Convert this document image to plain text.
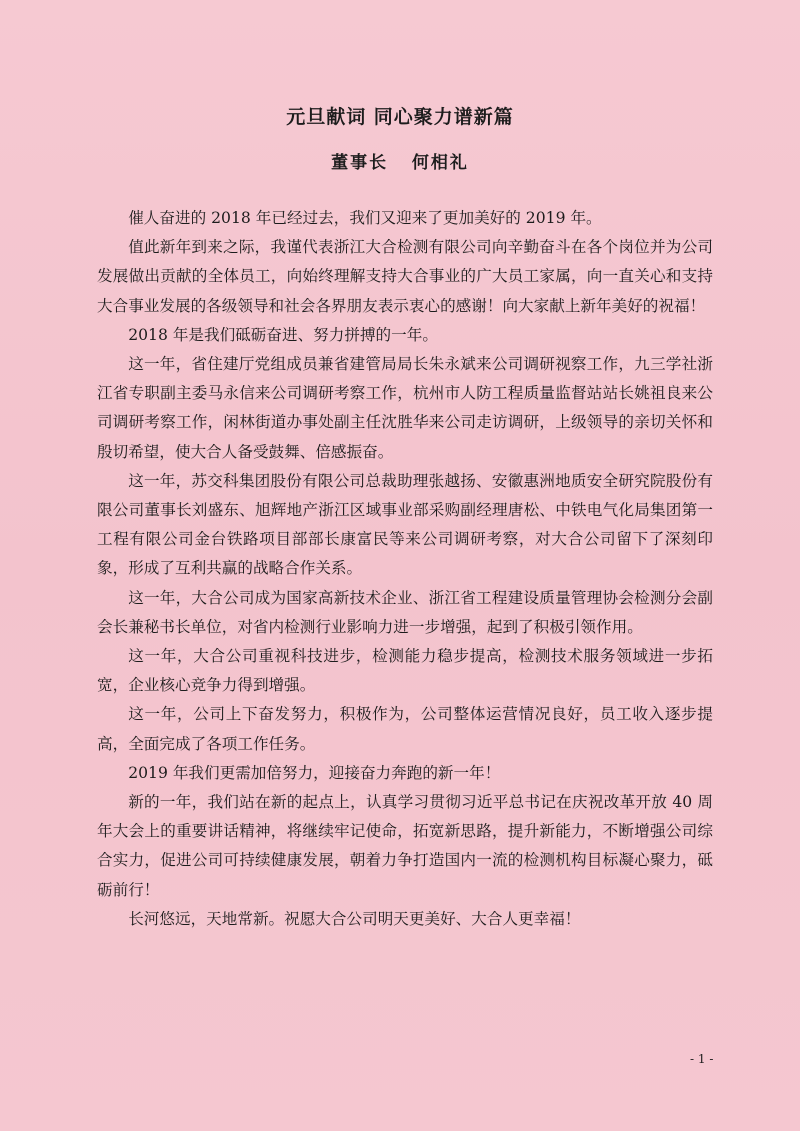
元旦献词 同心聚力谱新篇
董事长   何相礼

催人奋进的 2018 年已经过去，我们又迎来了更加美好的 2019 年。

值此新年到来之际，我谨代表浙江大合检测有限公司向辛勤奋斗在各个岗位并为公司发展做出贡献的全体员工，向始终理解支持大合事业的广大员工家属，向一直关心和支持大合事业发展的各级领导和社会各界朋友表示衷心的感谢！向大家献上新年美好的祝福！

2018 年是我们砥砺奋进、努力拼搏的一年。

这一年，省住建厅党组成员兼省建管局局长朱永斌来公司调研视察工作，九三学社浙江省专职副主委马永信来公司调研考察工作，杭州市人防工程质量监督站站长姚祖良来公司调研考察工作，闲林街道办事处副主任沈胜华来公司走访调研，上级领导的亲切关怀和殷切希望，使大合人备受鼓舞、倍感振奋。

这一年，苏交科集团股份有限公司总裁助理张越扬、安徽惠洲地质安全研究院股份有限公司董事长刘盛东、旭辉地产浙江区域事业部采购副经理唐松、中铁电气化局集团第一工程有限公司金台铁路项目部部长康富民等来公司调研考察，对大合公司留下了深刻印象，形成了互利共赢的战略合作关系。

这一年，大合公司成为国家高新技术企业、浙江省工程建设质量管理协会检测分会副会长兼秘书长单位，对省内检测行业影响力进一步增强，起到了积极引领作用。

这一年，大合公司重视科技进步，检测能力稳步提高，检测技术服务领域进一步拓宽，企业核心竞争力得到增强。

这一年，公司上下奋发努力，积极作为，公司整体运营情况良好，员工收入逐步提高，全面完成了各项工作任务。

2019 年我们更需加倍努力，迎接奋力奔跑的新一年！

新的一年，我们站在新的起点上，认真学习贯彻习近平总书记在庆祝改革开放 40 周年大会上的重要讲话精神，将继续牢记使命，拓宽新思路，提升新能力，不断增强公司综合实力，促进公司可持续健康发展，朝着力争打造国内一流的检测机构目标凝心聚力，砥砺前行！

长河悠远，天地常新。祝愿大合公司明天更美好、大合人更幸福！

- 1 -
